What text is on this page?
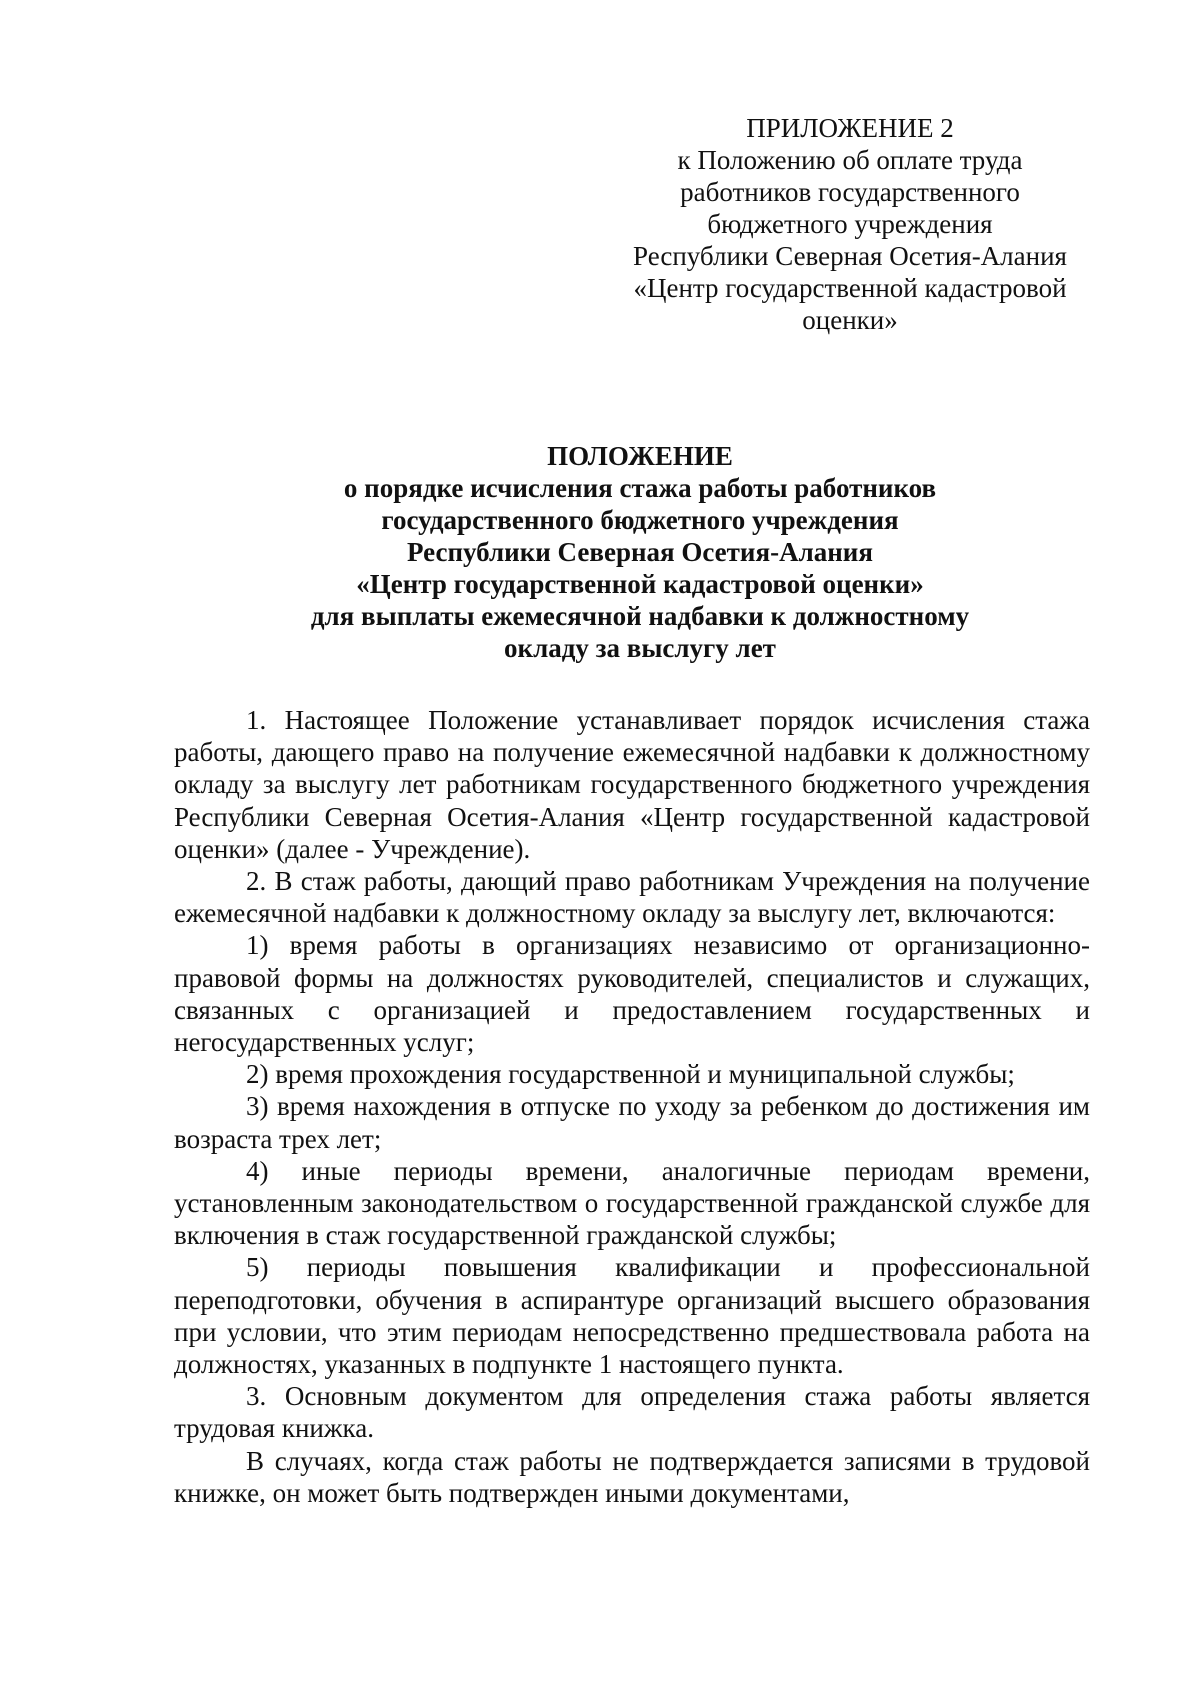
ПРИЛОЖЕНИЕ 2
к Положению об оплате труда
работников государственного
бюджетного учреждения
Республики Северная Осетия-Алания
«Центр государственной кадастровой
оценки»
ПОЛОЖЕНИЕ
о порядке исчисления стажа работы работников
государственного бюджетного учреждения
Республики Северная Осетия-Алания
«Центр государственной кадастровой оценки»
для выплаты ежемесячной надбавки к должностному
окладу за выслугу лет

1. Настоящее Положение устанавливает порядок исчисления стажа работы, дающего право на получение ежемесячной надбавки к должностному окладу за выслугу лет работникам государственного бюджетного учреждения Республики Северная Осетия-Алания «Центр государственной кадастровой оценки» (далее - Учреждение).

2. В стаж работы, дающий право работникам Учреждения на получение ежемесячной надбавки к должностному окладу за выслугу лет, включаются:

1) время работы в организациях независимо от организационно-правовой формы на должностях руководителей, специалистов и служащих, связанных с организацией и предоставлением государственных и негосударственных услуг;

2) время прохождения государственной и муниципальной службы;

3) время нахождения в отпуске по уходу за ребенком до достижения им возраста трех лет;

4) иные периоды времени, аналогичные периодам времени, установленным законодательством о государственной гражданской службе для включения в стаж государственной гражданской службы;

5) периоды повышения квалификации и профессиональной переподготовки, обучения в аспирантуре организаций высшего образования при условии, что этим периодам непосредственно предшествовала работа на должностях, указанных в подпункте 1 настоящего пункта.

3. Основным документом для определения стажа работы является трудовая книжка.

В случаях, когда стаж работы не подтверждается записями в трудовой книжке, он может быть подтвержден иными документами,
